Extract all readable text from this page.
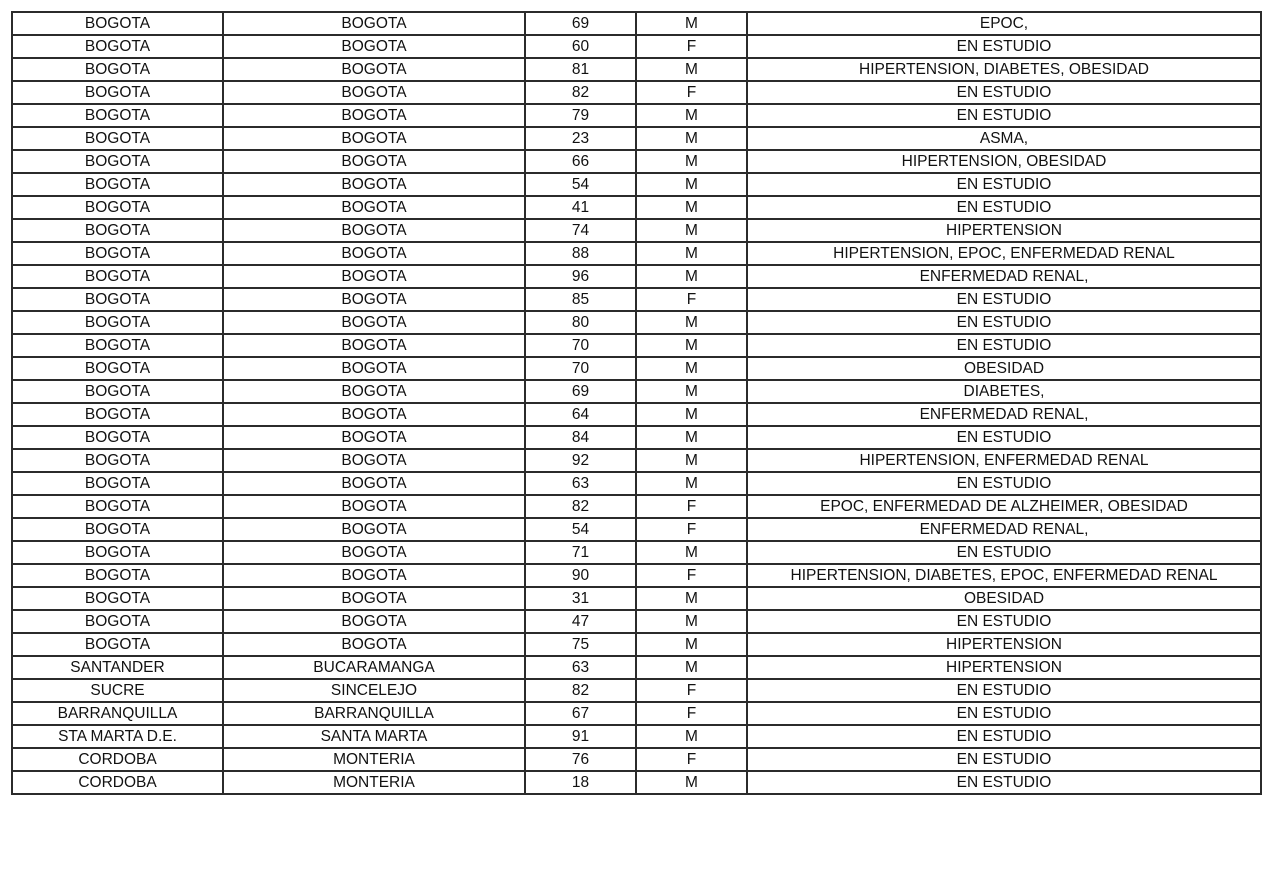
BOGOTA	BOGOTA	69	M	EPOC,
BOGOTA	BOGOTA	60	F	EN ESTUDIO
BOGOTA	BOGOTA	81	M	HIPERTENSION, DIABETES, OBESIDAD
BOGOTA	BOGOTA	82	F	EN ESTUDIO
BOGOTA	BOGOTA	79	M	EN ESTUDIO
BOGOTA	BOGOTA	23	M	ASMA,
BOGOTA	BOGOTA	66	M	HIPERTENSION, OBESIDAD
BOGOTA	BOGOTA	54	M	EN ESTUDIO
BOGOTA	BOGOTA	41	M	EN ESTUDIO
BOGOTA	BOGOTA	74	M	HIPERTENSION
BOGOTA	BOGOTA	88	M	HIPERTENSION, EPOC, ENFERMEDAD RENAL
BOGOTA	BOGOTA	96	M	ENFERMEDAD RENAL,
BOGOTA	BOGOTA	85	F	EN ESTUDIO
BOGOTA	BOGOTA	80	M	EN ESTUDIO
BOGOTA	BOGOTA	70	M	EN ESTUDIO
BOGOTA	BOGOTA	70	M	OBESIDAD
BOGOTA	BOGOTA	69	M	DIABETES,
BOGOTA	BOGOTA	64	M	ENFERMEDAD RENAL,
BOGOTA	BOGOTA	84	M	EN ESTUDIO
BOGOTA	BOGOTA	92	M	HIPERTENSION, ENFERMEDAD RENAL
BOGOTA	BOGOTA	63	M	EN ESTUDIO
BOGOTA	BOGOTA	82	F	EPOC, ENFERMEDAD DE ALZHEIMER, OBESIDAD
BOGOTA	BOGOTA	54	F	ENFERMEDAD RENAL,
BOGOTA	BOGOTA	71	M	EN ESTUDIO
BOGOTA	BOGOTA	90	F	HIPERTENSION, DIABETES, EPOC, ENFERMEDAD RENAL
BOGOTA	BOGOTA	31	M	OBESIDAD
BOGOTA	BOGOTA	47	M	EN ESTUDIO
BOGOTA	BOGOTA	75	M	HIPERTENSION
SANTANDER	BUCARAMANGA	63	M	HIPERTENSION
SUCRE	SINCELEJO	82	F	EN ESTUDIO
BARRANQUILLA	BARRANQUILLA	67	F	EN ESTUDIO
STA MARTA D.E.	SANTA MARTA	91	M	EN ESTUDIO
CORDOBA	MONTERIA	76	F	EN ESTUDIO
CORDOBA	MONTERIA	18	M	EN ESTUDIO
